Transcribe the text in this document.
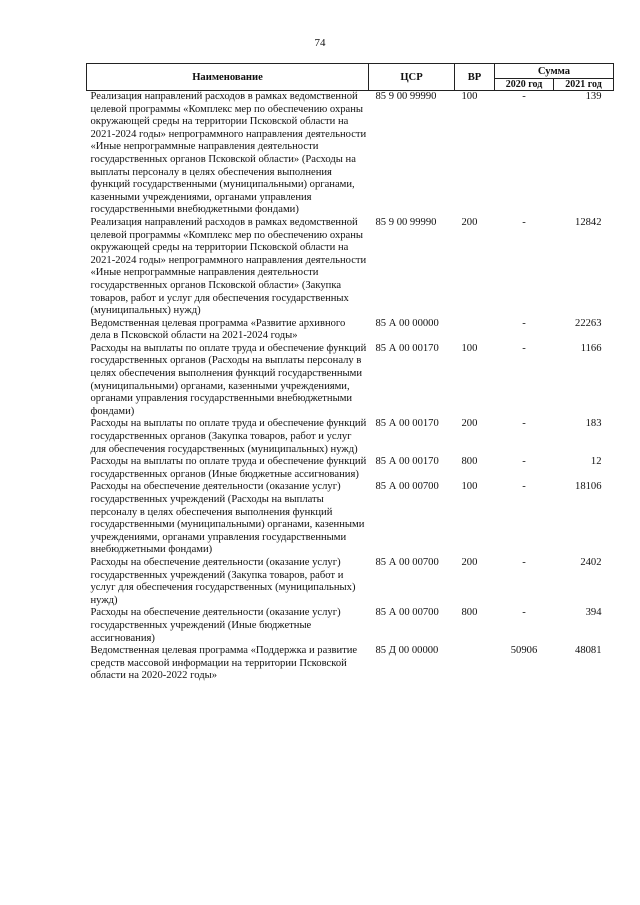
74
Наименование	ЦСР	ВР	Сумма	
			2020 год	2021 год
Реализация направлений расходов в рамках ведомственной целевой программы «Комплекс мер по обеспечению охраны окружающей среды на территории Псковской области на 2021-2024 годы» непрограммного направления деятельности «Иные непрограммные направления деятельности государственных органов Псковской области» (Расходы на выплаты персоналу в целях обеспечения выполнения функций государственными (муниципальными) органами, казенными учреждениями, органами управления государственными внебюджетными фондами)	85 9 00 99990	100	-	139
Реализация направлений расходов в рамках ведомственной целевой программы «Комплекс мер по обеспечению охраны окружающей среды на территории Псковской области на 2021-2024 годы» непрограммного направления деятельности «Иные непрограммные направления деятельности государственных органов Псковской области» (Закупка товаров, работ и услуг для обеспечения государственных (муниципальных) нужд)	85 9 00 99990	200	-	12842
Ведомственная целевая программа «Развитие архивного дела в Псковской области на 2021-2024 годы»	85 А 00 00000		-	22263
Расходы на выплаты по оплате труда и обеспечение функций государственных органов (Расходы на выплаты персоналу в целях обеспечения выполнения функций государственными (муниципальными) органами, казенными учреждениями, органами управления государственными внебюджетными фондами)	85 А 00 00170	100	-	1166
Расходы на выплаты по оплате труда и обеспечение функций государственных органов (Закупка товаров, работ и услуг для обеспечения государственных (муниципальных) нужд)	85 А 00 00170	200	-	183
Расходы на выплаты по оплате труда и обеспечение функций государственных органов (Иные бюджетные ассигнования)	85 А 00 00170	800	-	12
Расходы на обеспечение деятельности (оказание услуг) государственных учреждений (Расходы на выплаты персоналу в целях обеспечения выполнения функций государственными (муниципальными) органами, казенными учреждениями, органами управления государственными внебюджетными фондами)	85 А 00 00700	100	-	18106
Расходы на обеспечение деятельности (оказание услуг) государственных учреждений (Закупка товаров, работ и услуг для обеспечения государственных (муниципальных) нужд)	85 А 00 00700	200	-	2402
Расходы на обеспечение деятельности (оказание услуг) государственных учреждений (Иные бюджетные ассигнования)	85 А 00 00700	800	-	394
Ведомственная целевая программа «Поддержка и развитие средств массовой информации на территории Псковской области на 2020-2022 годы»	85 Д 00 00000		50906	48081
